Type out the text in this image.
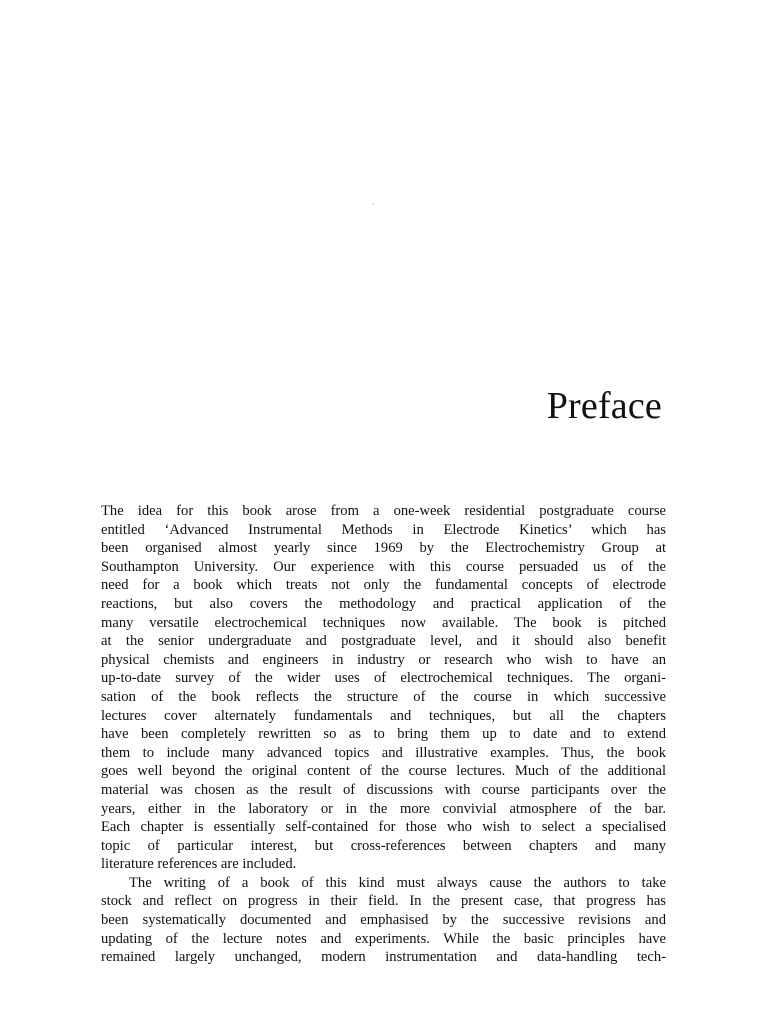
Preface
The idea for this book arose from a one-week residential postgraduate course
entitled ‘Advanced Instrumental Methods in Electrode Kinetics’ which has
been organised almost yearly since 1969 by the Electrochemistry Group at
Southampton University. Our experience with this course persuaded us of the
need for a book which treats not only the fundamental concepts of electrode
reactions, but also covers the methodology and practical application of the
many versatile electrochemical techniques now available. The book is pitched
at the senior undergraduate and postgraduate level, and it should also benefit
physical chemists and engineers in industry or research who wish to have an
up-to-date survey of the wider uses of electrochemical techniques. The organi-
sation of the book reflects the structure of the course in which successive
lectures cover alternately fundamentals and techniques, but all the chapters
have been completely rewritten so as to bring them up to date and to extend
them to include many advanced topics and illustrative examples. Thus, the book
goes well beyond the original content of the course lectures. Much of the additional
material was chosen as the result of discussions with course participants over the
years, either in the laboratory or in the more convivial atmosphere of the bar.
Each chapter is essentially self-contained for those who wish to select a specialised
topic of particular interest, but cross-references between chapters and many
literature references are included.
The writing of a book of this kind must always cause the authors to take
stock and reflect on progress in their field. In the present case, that progress has
been systematically documented and emphasised by the successive revisions and
updating of the lecture notes and experiments. While the basic principles have
remained largely unchanged, modern instrumentation and data-handling tech-
